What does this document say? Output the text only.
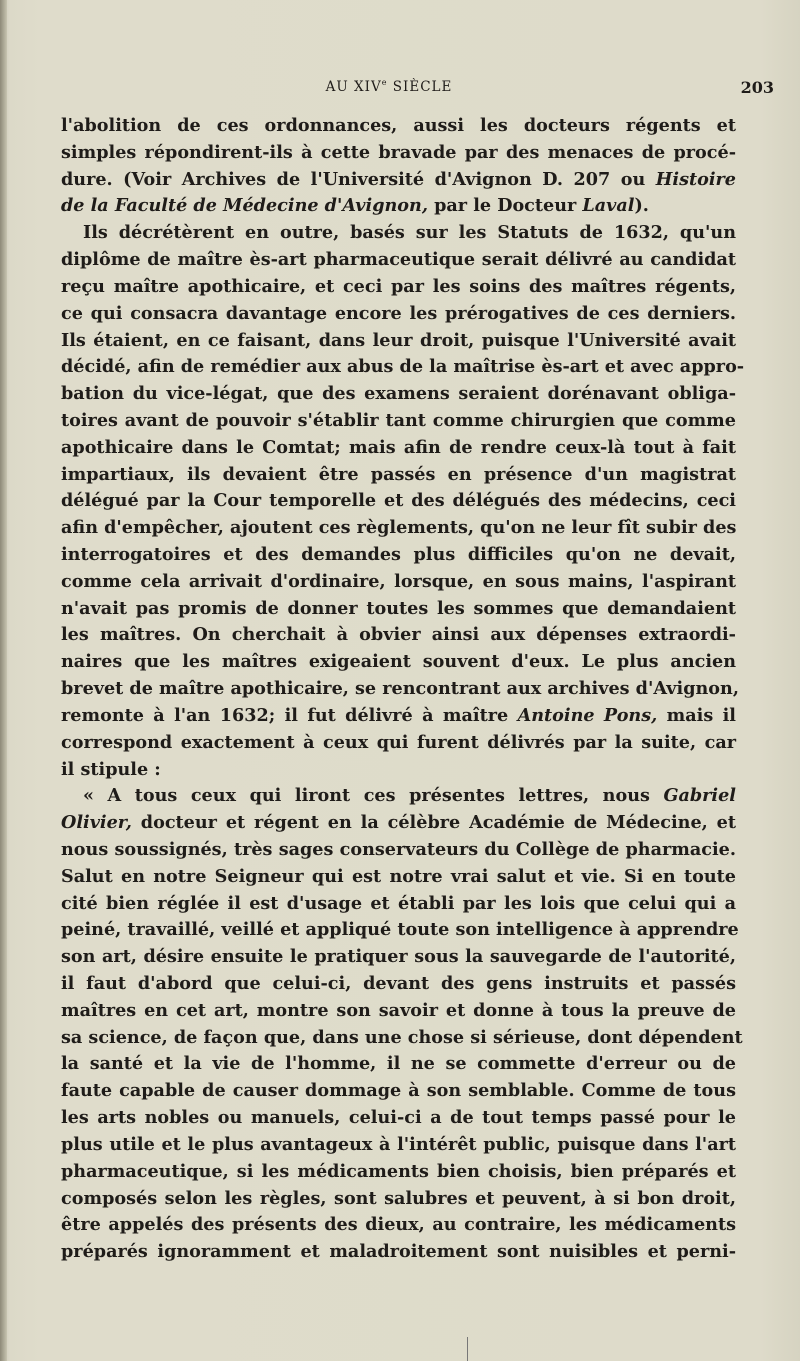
AU XIVe SIÈCLE	203
l'abolition de ces ordonnances, aussi les docteurs régents et
simples répondirent-ils à cette bravade par des menaces de procé-
dure. (Voir Archives de l'Université d'Avignon D. 207 ou Histoire
de la Faculté de Médecine d'Avignon, par le Docteur Laval).
Ils décrétèrent en outre, basés sur les Statuts de 1632, qu'un
diplôme de maître ès-art pharmaceutique serait délivré au candidat
reçu maître apothicaire, et ceci par les soins des maîtres régents,
ce qui consacra davantage encore les prérogatives de ces derniers.
Ils étaient, en ce faisant, dans leur droit, puisque l'Université avait
décidé, afin de remédier aux abus de la maîtrise ès-art et avec appro-
bation du vice-légat, que des examens seraient dorénavant obliga-
toires avant de pouvoir s'établir tant comme chirurgien que comme
apothicaire dans le Comtat; mais afin de rendre ceux-là tout à fait
impartiaux, ils devaient être passés en présence d'un magistrat
délégué par la Cour temporelle et des délégués des médecins, ceci
afin d'empêcher, ajoutent ces règlements, qu'on ne leur fît subir des
interrogatoires et des demandes plus difficiles qu'on ne devait,
comme cela arrivait d'ordinaire, lorsque, en sous mains, l'aspirant
n'avait pas promis de donner toutes les sommes que demandaient
les maîtres. On cherchait à obvier ainsi aux dépenses extraordi-
naires que les maîtres exigeaient souvent d'eux. Le plus ancien
brevet de maître apothicaire, se rencontrant aux archives d'Avignon,
remonte à l'an 1632; il fut délivré à maître Antoine Pons, mais il
correspond exactement à ceux qui furent délivrés par la suite, car
il stipule :
« A tous ceux qui liront ces présentes lettres, nous Gabriel
Olivier, docteur et régent en la célèbre Académie de Médecine, et
nous soussignés, très sages conservateurs du Collège de pharmacie.
Salut en notre Seigneur qui est notre vrai salut et vie. Si en toute
cité bien réglée il est d'usage et établi par les lois que celui qui a
peiné, travaillé, veillé et appliqué toute son intelligence à apprendre
son art, désire ensuite le pratiquer sous la sauvegarde de l'autorité,
il faut d'abord que celui-ci, devant des gens instruits et passés
maîtres en cet art, montre son savoir et donne à tous la preuve de
sa science, de façon que, dans une chose si sérieuse, dont dépendent
la santé et la vie de l'homme, il ne se commette d'erreur ou de
faute capable de causer dommage à son semblable. Comme de tous
les arts nobles ou manuels, celui-ci a de tout temps passé pour le
plus utile et le plus avantageux à l'intérêt public, puisque dans l'art
pharmaceutique, si les médicaments bien choisis, bien préparés et
composés selon les règles, sont salubres et peuvent, à si bon droit,
être appelés des présents des dieux, au contraire, les médicaments
préparés ignoramment et maladroitement sont nuisibles et perni-
